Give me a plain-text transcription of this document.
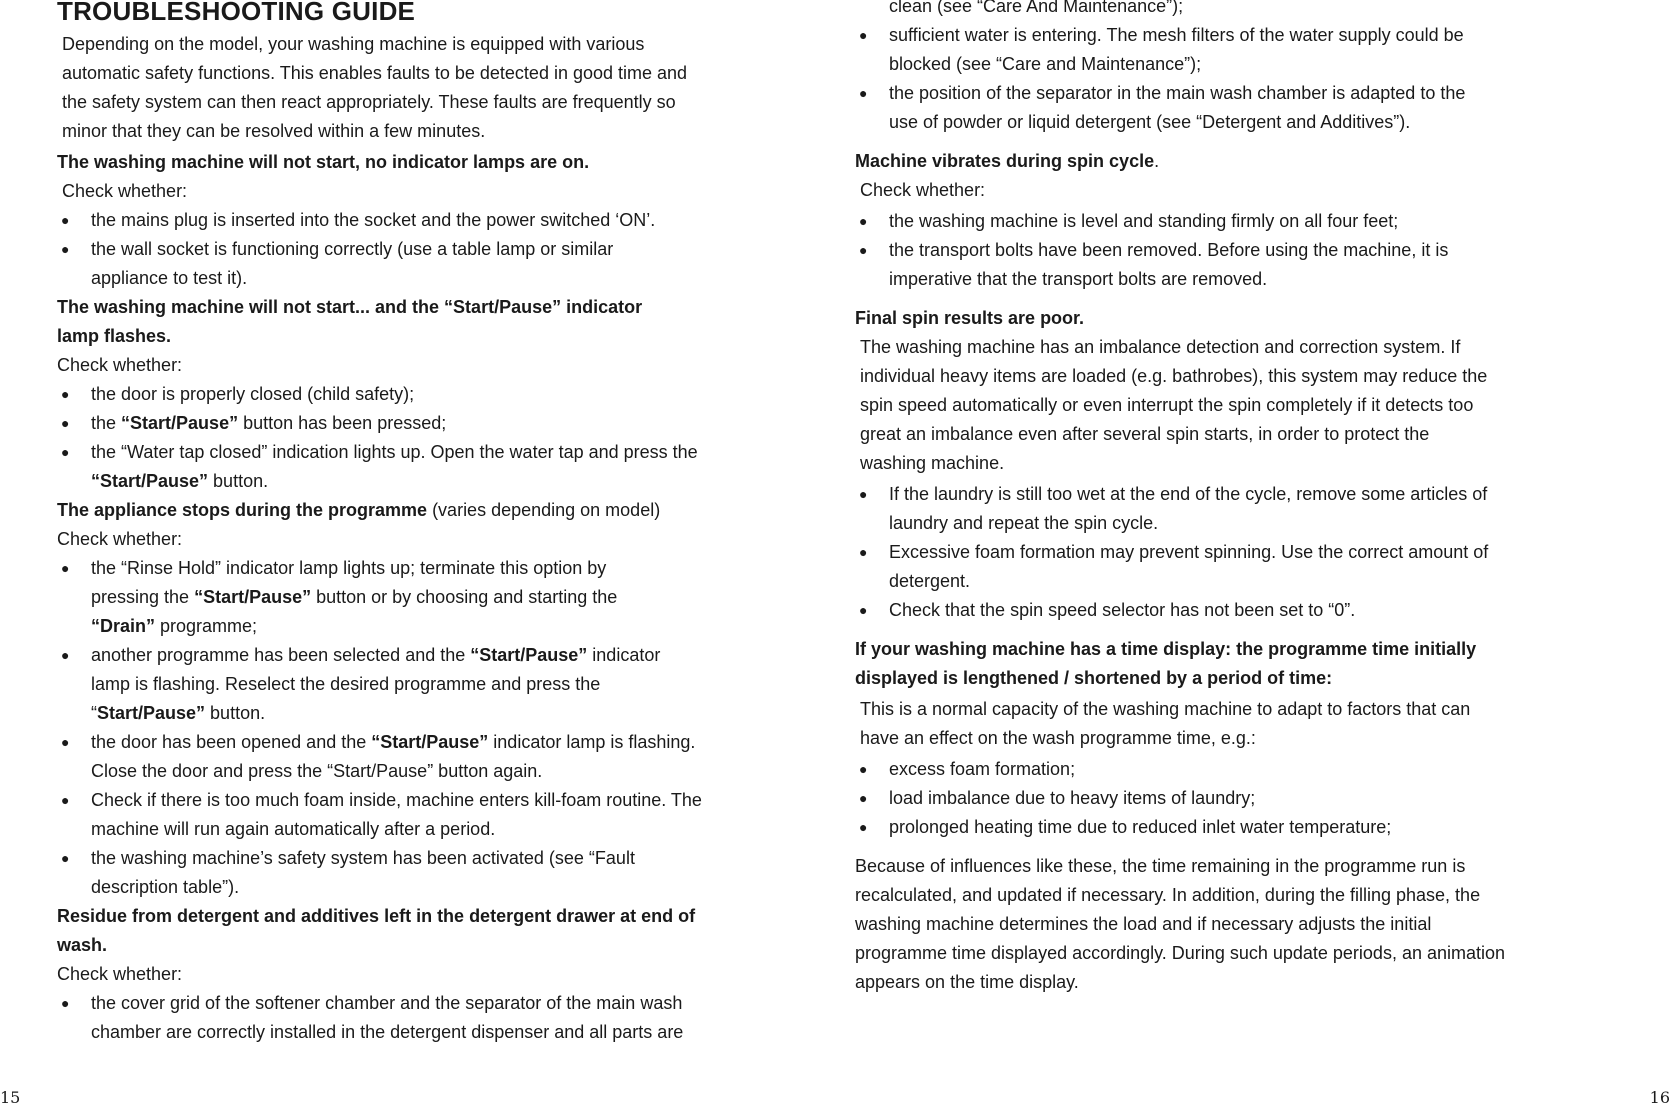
TROUBLESHOOTING GUIDE
Depending on the model, your washing machine is equipped with various automatic safety functions. This enables faults to be detected in good time and the safety system can then react appropriately. These faults are frequently so minor that they can be resolved within a few minutes.
The washing machine will not start, no indicator lamps are on.
Check whether:
● the mains plug is inserted into the socket and the power switched ‘ON’.
● the wall socket is functioning correctly (use a table lamp or similar appliance to test it).
The washing machine will not start... and the “Start/Pause” indicator lamp flashes.
Check whether:
● the door is properly closed (child safety);
● the “Start/Pause” button has been pressed;
● the “Water tap closed” indication lights up. Open the water tap and press the “Start/Pause” button.
The appliance stops during the programme (varies depending on model)
Check whether:
● the “Rinse Hold” indicator lamp lights up; terminate this option by pressing the “Start/Pause” button or by choosing and starting the “Drain” programme;
● another programme has been selected and the “Start/Pause” indicator lamp is flashing. Reselect the desired programme and press the “Start/Pause” button.
● the door has been opened and the “Start/Pause” indicator lamp is flashing. Close the door and press the “Start/Pause” button again.
● Check if there is too much foam inside, machine enters kill-foam routine. The machine will run again automatically after a period.
● the washing machine’s safety system has been activated (see “Fault description table”).
Residue from detergent and additives left in the detergent drawer at end of wash.
Check whether:
● the cover grid of the softener chamber and the separator of the main wash chamber are correctly installed in the detergent dispenser and all parts are
15
clean (see “Care And Maintenance”);
● sufficient water is entering. The mesh filters of the water supply could be blocked (see “Care and Maintenance”);
● the position of the separator in the main wash chamber is adapted to the use of powder or liquid detergent (see “Detergent and Additives”).
Machine vibrates during spin cycle.
Check whether:
● the washing machine is level and standing firmly on all four feet;
● the transport bolts have been removed. Before using the machine, it is imperative that the transport bolts are removed.
Final spin results are poor.
The washing machine has an imbalance detection and correction system. If individual heavy items are loaded (e.g. bathrobes), this system may reduce the spin speed automatically or even interrupt the spin completely if it detects too great an imbalance even after several spin starts, in order to protect the washing machine.
● If the laundry is still too wet at the end of the cycle, remove some articles of laundry and repeat the spin cycle.
● Excessive foam formation may prevent spinning. Use the correct amount of detergent.
● Check that the spin speed selector has not been set to “0”.
If your washing machine has a time display: the programme time initially displayed is lengthened / shortened by a period of time:
This is a normal capacity of the washing machine to adapt to factors that can have an effect on the wash programme time, e.g.:
● excess foam formation;
● load imbalance due to heavy items of laundry;
● prolonged heating time due to reduced inlet water temperature;
Because of influences like these, the time remaining in the programme run is recalculated, and updated if necessary. In addition, during the filling phase, the washing machine determines the load and if necessary adjusts the initial programme time displayed accordingly. During such update periods, an animation appears on the time display.
16
